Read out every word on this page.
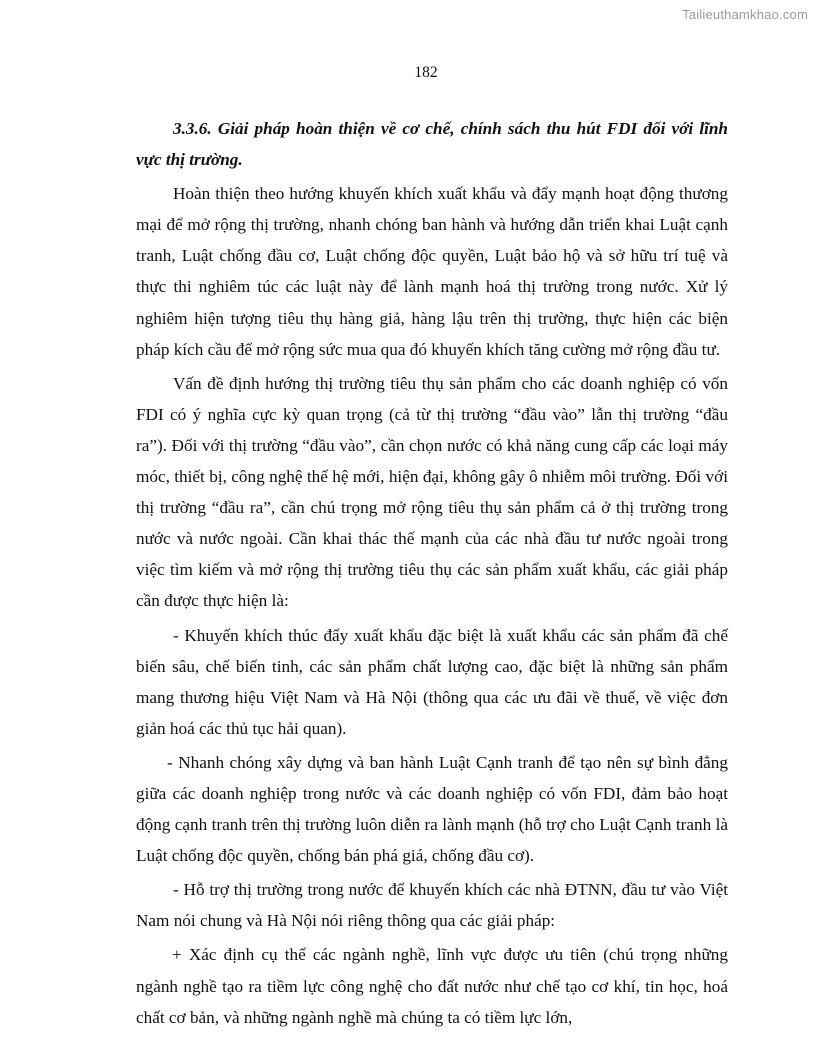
Tailieuthamkhao.com
182

3.3.6. Giải pháp hoàn thiện về cơ chế, chính sách thu hút FDI đối với lĩnh vực thị trường.

Hoàn thiện theo hướng khuyến khích xuất khẩu và đẩy mạnh hoạt động thương mại để mở rộng thị trường, nhanh chóng ban hành và hướng dẫn triển khai Luật cạnh tranh, Luật chống đầu cơ, Luật chống độc quyền, Luật bảo hộ và sở hữu trí tuệ và thực thi nghiêm túc các luật này để lành mạnh hoá thị trường trong nước. Xử lý nghiêm hiện tượng tiêu thụ hàng giả, hàng lậu trên thị trường, thực hiện các biện pháp kích cầu để mở rộng sức mua qua đó khuyến khích tăng cường mở rộng đầu tư.

Vấn đề định hướng thị trường tiêu thụ sản phẩm cho các doanh nghiệp có vốn FDI có ý nghĩa cực kỳ quan trọng (cả từ thị trường “đầu vào” lẫn thị trường “đầu ra”). Đối với thị trường “đầu vào”, cần chọn nước có khả năng cung cấp các loại máy móc, thiết bị, công nghệ thế hệ mới, hiện đại, không gây ô nhiễm môi trường. Đối với thị trường “đầu ra”, cần chú trọng mở rộng tiêu thụ sản phẩm cả ở thị trường trong nước và nước ngoài. Cần khai thác thế mạnh của các nhà đầu tư nước ngoài trong việc tìm kiếm và mở rộng thị trường tiêu thụ các sản phẩm xuất khẩu, các giải pháp cần được thực hiện là:

- Khuyến khích thúc đẩy xuất khẩu đặc biệt là xuất khẩu các sản phẩm đã chế biến sâu, chế biến tinh, các sản phẩm chất lượng cao, đặc biệt là những sản phẩm mang thương hiệu Việt Nam và Hà Nội (thông qua các ưu đãi về thuế, về việc đơn giản hoá các thủ tục hải quan).

- Nhanh chóng xây dựng và ban hành Luật Cạnh tranh để tạo nên sự bình đẳng giữa các doanh nghiệp trong nước và các doanh nghiệp có vốn FDI, đảm bảo hoạt động cạnh tranh trên thị trường luôn diễn ra lành mạnh (hỗ trợ cho Luật Cạnh tranh là Luật chống độc quyền, chống bán phá giá, chống đầu cơ).

- Hỗ trợ thị trường trong nước để khuyến khích các nhà ĐTNN, đầu tư vào Việt Nam nói chung và Hà Nội nói riêng thông qua các giải pháp:

+ Xác định cụ thể các ngành nghề, lĩnh vực được ưu tiên (chú trọng những ngành nghề tạo ra tiềm lực công nghệ cho đất nước như chế tạo cơ khí, tin học, hoá chất cơ bản, và những ngành nghề mà chúng ta có tiềm lực lớn,
